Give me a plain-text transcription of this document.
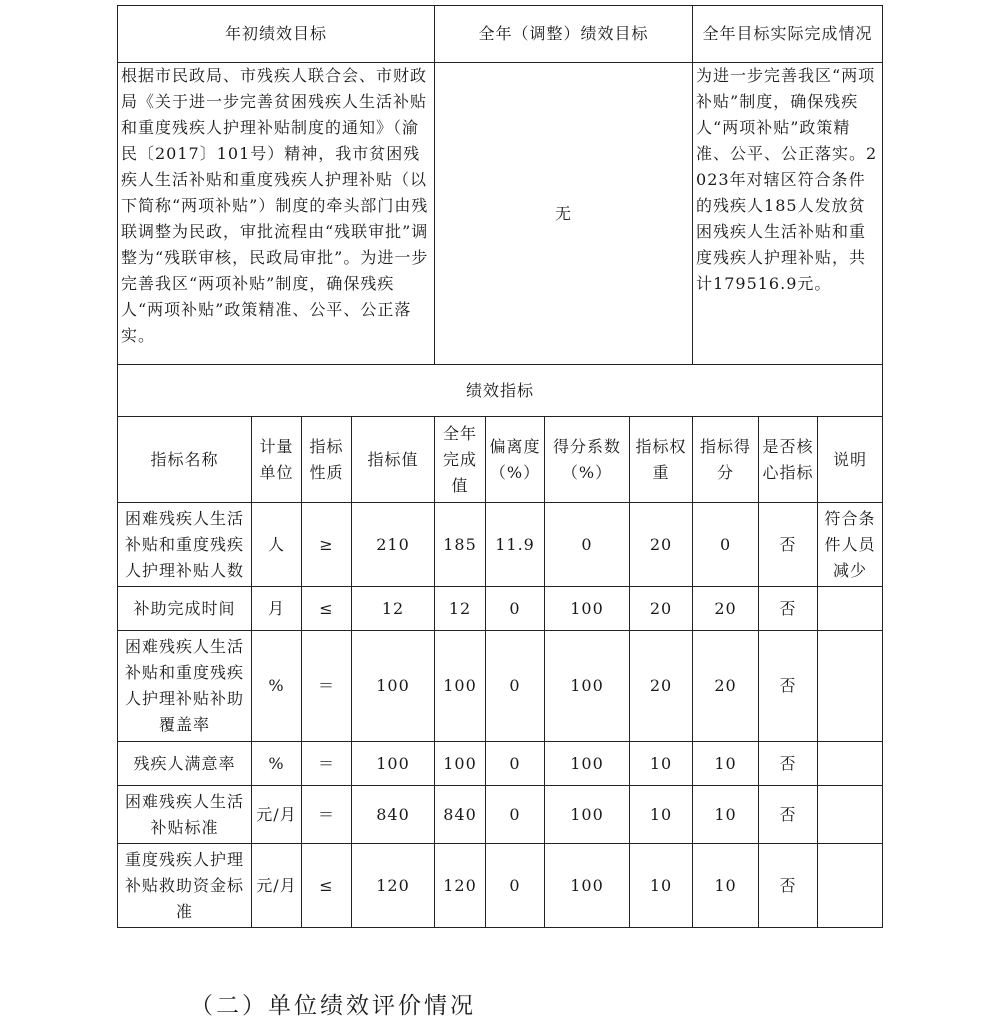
年初绩效目标				全年（调整）绩效目标				全年目标实际完成情况		
根据市民政局、市残疾人联合会、市财政局《关于进一步完善贫困残疾人生活补贴和重度残疾人护理补贴制度的通知》（渝民〔2017〕101号）精神，我市贫困残疾人生活补贴和重度残疾人护理补贴（以下简称“两项补贴”）制度的牵头部门由残联调整为民政，审批流程由“残联审批”调整为“残联审核，民政局审批”。为进一步完善我区“两项补贴”制度，确保残疾人“两项补贴”政策精准、公平、公正落实。				无				为进一步完善我区“两项补贴”制度，确保残疾人“两项补贴”政策精准、公平、公正落实。2023年对辖区符合条件的残疾人185人发放贫困残疾人生活补贴和重度残疾人护理补贴，共计179516.9元。		
绩效指标										
指标名称	计量单位	指标性质	指标值	全年完成值	偏离度（%）	得分系数（%）	指标权重	指标得分	是否核心指标	说明
困难残疾人生活补贴和重度残疾人护理补贴人数	人	≥	210	185	11.9	0	20	0	否	符合条件人员减少
补助完成时间	月	≤	12	12	0	100	20	20	否	
困难残疾人生活补贴和重度残疾人护理补贴补助覆盖率	%	＝	100	100	0	100	20	20	否	
残疾人满意率	%	＝	100	100	0	100	10	10	否	
困难残疾人生活补贴标准	元/月	＝	840	840	0	100	10	10	否	
重度残疾人护理补贴救助资金标准	元/月	≤	120	120	0	100	10	10	否	
（二）单位绩效评价情况
